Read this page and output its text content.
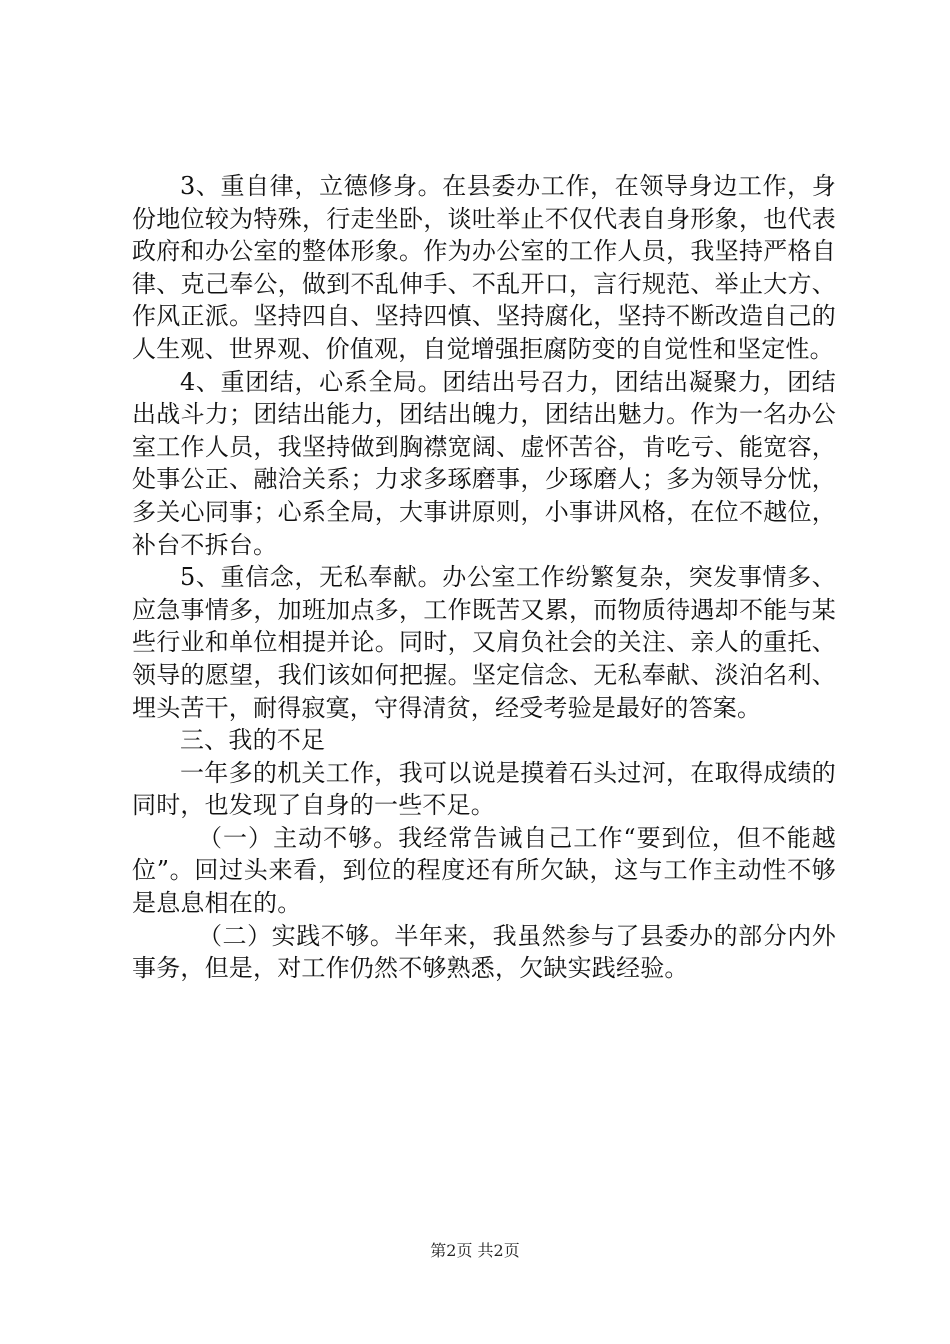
3、重自律，立德修身。在县委办工作，在领导身边工作，身份地位较为特殊，行走坐卧，谈吐举止不仅代表自身形象，也代表政府和办公室的整体形象。作为办公室的工作人员，我坚持严格自律、克己奉公，做到不乱伸手、不乱开口，言行规范、举止大方、作风正派。坚持四自、坚持四慎、坚持腐化，坚持不断改造自己的人生观、世界观、价值观，自觉增强拒腐防变的自觉性和坚定性。

4、重团结，心系全局。团结出号召力，团结出凝聚力，团结出战斗力；团结出能力，团结出魄力，团结出魅力。作为一名办公室工作人员，我坚持做到胸襟宽阔、虚怀苦谷，肯吃亏、能宽容，处事公正、融洽关系；力求多琢磨事，少琢磨人；多为领导分忧，多关心同事；心系全局，大事讲原则，小事讲风格，在位不越位，补台不拆台。

5、重信念，无私奉献。办公室工作纷繁复杂，突发事情多、应急事情多，加班加点多，工作既苦又累，而物质待遇却不能与某些行业和单位相提并论。同时，又肩负社会的关注、亲人的重托、领导的愿望，我们该如何把握。坚定信念、无私奉献、淡泊名利、埋头苦干，耐得寂寞，守得清贫，经受考验是最好的答案。

三、我的不足

一年多的机关工作，我可以说是摸着石头过河，在取得成绩的同时，也发现了自身的一些不足。

（一）主动不够。我经常告诫自己工作“要到位，但不能越位”。回过头来看，到位的程度还有所欠缺，这与工作主动性不够是息息相在的。

（二）实践不够。半年来，我虽然参与了县委办的部分内外事务，但是，对工作仍然不够熟悉，欠缺实践经验。

第2页 共2页
